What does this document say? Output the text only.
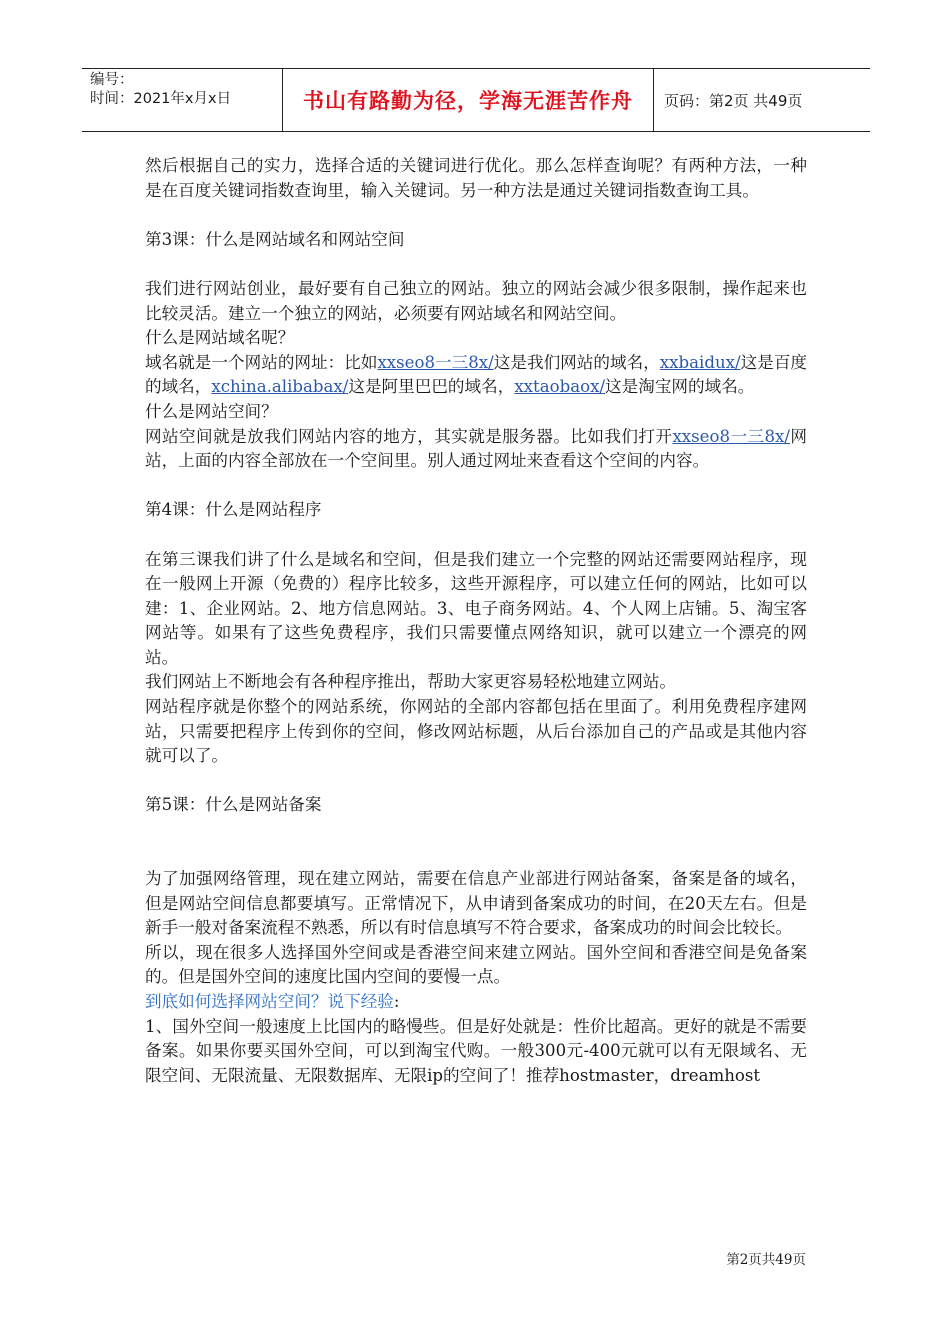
编号：
时间：2021年x月x日	书山有路勤为径，学海无涯苦作舟	页码：第2页 共49页

然后根据自己的实力，选择合适的关键词进行优化。那么怎样查询呢？有两种方法，一种是在百度关键词指数查询里，输入关键词。另一种方法是通过关键词指数查询工具。

第3课：什么是网站域名和网站空间

我们进行网站创业，最好要有自己独立的网站。独立的网站会减少很多限制，操作起来也比较灵活。建立一个独立的网站，必须要有网站域名和网站空间。

什么是网站域名呢？

域名就是一个网站的网址：比如xxseo8一三8x/这是我们网站的域名，xxbaidux/这是百度的域名，xchina.alibabax/这是阿里巴巴的域名，xxtaobaox/这是淘宝网的域名。

什么是网站空间？

网站空间就是放我们网站内容的地方，其实就是服务器。比如我们打开xxseo8一三8x/网站，上面的内容全部放在一个空间里。别人通过网址来查看这个空间的内容。

第4课：什么是网站程序

在第三课我们讲了什么是域名和空间，但是我们建立一个完整的网站还需要网站程序，现在一般网上开源（免费的）程序比较多，这些开源程序，可以建立任何的网站，比如可以建：1、企业网站。2、地方信息网站。3、电子商务网站。4、个人网上店铺。5、淘宝客网站等。如果有了这些免费程序，我们只需要懂点网络知识，就可以建立一个漂亮的网站。

我们网站上不断地会有各种程序推出，帮助大家更容易轻松地建立网站。

网站程序就是你整个的网站系统，你网站的全部内容都包括在里面了。利用免费程序建网站，只需要把程序上传到你的空间，修改网站标题，从后台添加自己的产品或是其他内容就可以了。

第5课：什么是网站备案

为了加强网络管理，现在建立网站，需要在信息产业部进行网站备案，备案是备的域名，但是网站空间信息都要填写。正常情况下，从申请到备案成功的时间，在20天左右。但是新手一般对备案流程不熟悉，所以有时信息填写不符合要求，备案成功的时间会比较长。

所以，现在很多人选择国外空间或是香港空间来建立网站。国外空间和香港空间是免备案的。但是国外空间的速度比国内空间的要慢一点。

到底如何选择网站空间？说下经验:

1、国外空间一般速度上比国内的略慢些。但是好处就是：性价比超高。更好的就是不需要备案。如果你要买国外空间，可以到淘宝代购。一般300元-400元就可以有无限域名、无限空间、无限流量、无限数据库、无限ip的空间了！推荐hostmaster，dreamhost

第2页共49页
